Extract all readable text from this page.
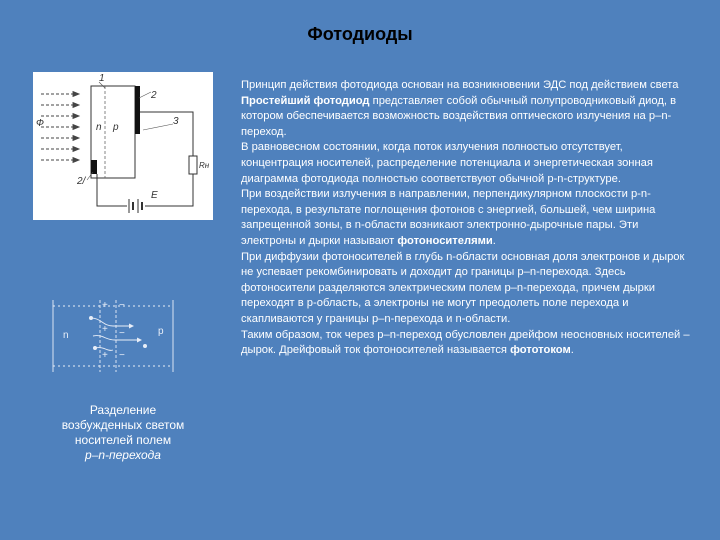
Фотодиоды
1
2
3
2/
Ф	n p
Rн
Е
n	p
+
+
+
−
−
−
Разделение
возбужденных светом
носителей полем
p–n-перехода

Принцип действия фотодиода основан на возникновении ЭДС под действием света

Простейший фотодиод представляет собой обычный полупроводниковый диод, в котором обеспечивается возможность воздействия оптического излучения на р–n-переход.

В равновесном состоянии, когда поток излучения полностью отсутствует, концентрация носителей, распределение потенциала и энергетическая зонная диаграмма фотодиода полностью соответствуют обычной p-n-структуре.

При воздействии излучения в направлении, перпендикулярном плоскости p-n-перехода, в результате поглощения фотонов с энергией, большей, чем ширина запрещенной зоны, в n-области возникают электронно-дырочные пары. Эти электроны и дырки называют фотоносителями.

При диффузии фотоносителей в глубь n-области основная доля электронов и дырок не успевает рекомбинировать и доходит до границы р–n-перехода. Здесь фотоносители разделяются электрическим полем р–n-перехода, причем дырки переходят в p-область, а электроны не могут преодолеть поле перехода и скапливаются у границы р–n-перехода и n-области.

Таким образом, ток через р–n-переход обусловлен дрейфом неосновных носителей – дырок. Дрейфовый ток фотоносителей называется фототоком.
